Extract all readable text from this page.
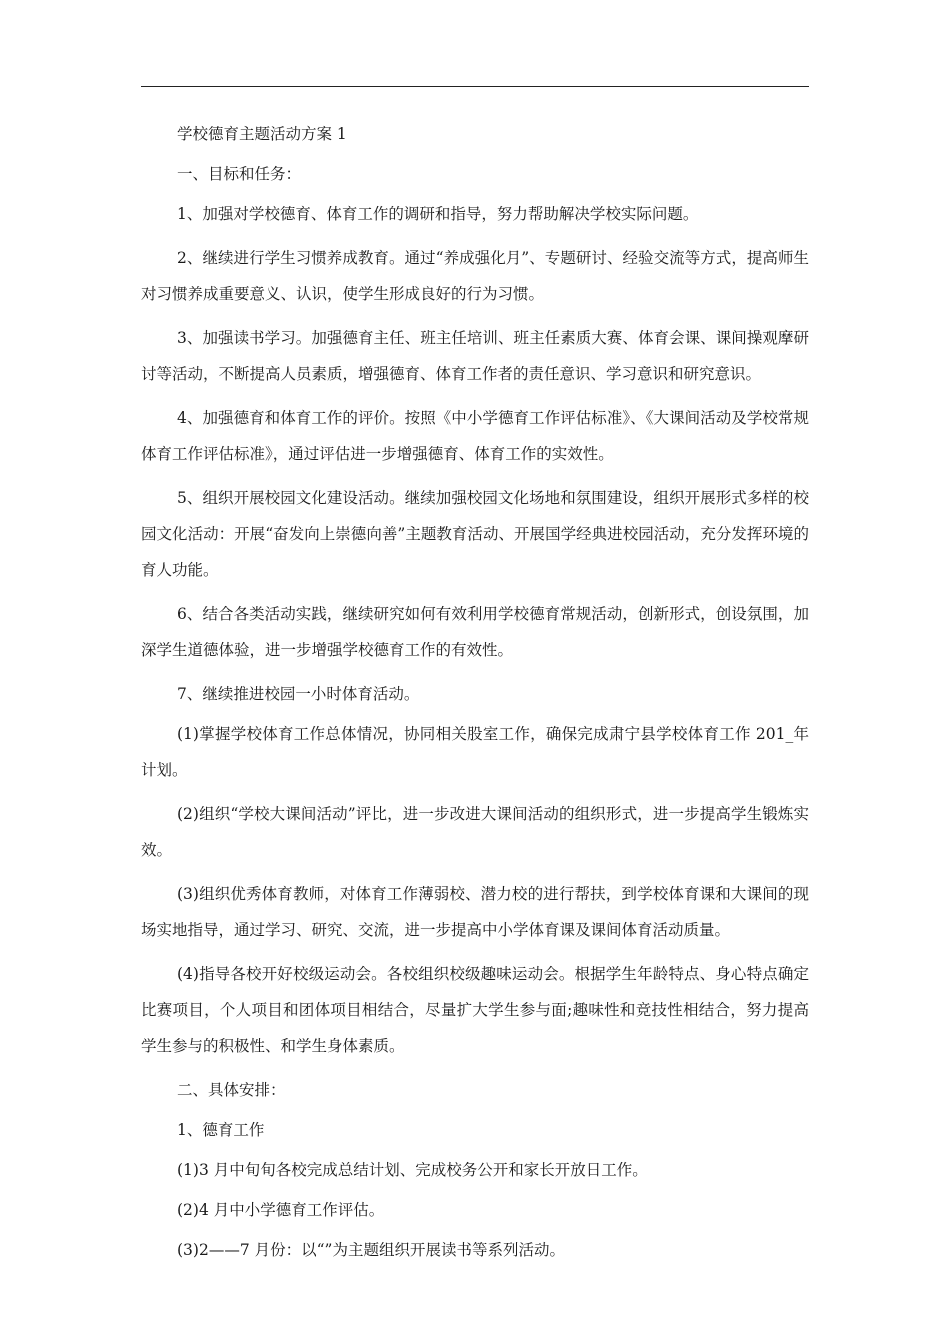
学校德育主题活动方案 1

一、目标和任务：

1、加强对学校德育、体育工作的调研和指导，努力帮助解决学校实际问题。

2、继续进行学生习惯养成教育。通过“养成强化月”、专题研讨、经验交流等方式，提高师生对习惯养成重要意义、认识，使学生形成良好的行为习惯。

3、加强读书学习。加强德育主任、班主任培训、班主任素质大赛、体育会课、课间操观摩研讨等活动，不断提高人员素质，增强德育、体育工作者的责任意识、学习意识和研究意识。

4、加强德育和体育工作的评价。按照《中小学德育工作评估标准》、《大课间活动及学校常规体育工作评估标准》，通过评估进一步增强德育、体育工作的实效性。

5、组织开展校园文化建设活动。继续加强校园文化场地和氛围建设，组织开展形式多样的校园文化活动：开展“奋发向上崇德向善”主题教育活动、开展国学经典进校园活动，充分发挥环境的育人功能。

6、结合各类活动实践，继续研究如何有效利用学校德育常规活动，创新形式，创设氛围，加深学生道德体验，进一步增强学校德育工作的有效性。

7、继续推进校园一小时体育活动。

(1)掌握学校体育工作总体情况，协同相关股室工作，确保完成肃宁县学校体育工作 201_年计划。

(2)组织“学校大课间活动”评比，进一步改进大课间活动的组织形式，进一步提高学生锻炼实效。

(3)组织优秀体育教师，对体育工作薄弱校、潜力校的进行帮扶，到学校体育课和大课间的现场实地指导，通过学习、研究、交流，进一步提高中小学体育课及课间体育活动质量。

(4)指导各校开好校级运动会。各校组织校级趣味运动会。根据学生年龄特点、身心特点确定比赛项目，个人项目和团体项目相结合，尽量扩大学生参与面;趣味性和竞技性相结合，努力提高学生参与的积极性、和学生身体素质。

二、具体安排：

1、德育工作

(1)3 月中旬旬各校完成总结计划、完成校务公开和家长开放日工作。

(2)4 月中小学德育工作评估。

(3)2——7 月份：以“”为主题组织开展读书等系列活动。
